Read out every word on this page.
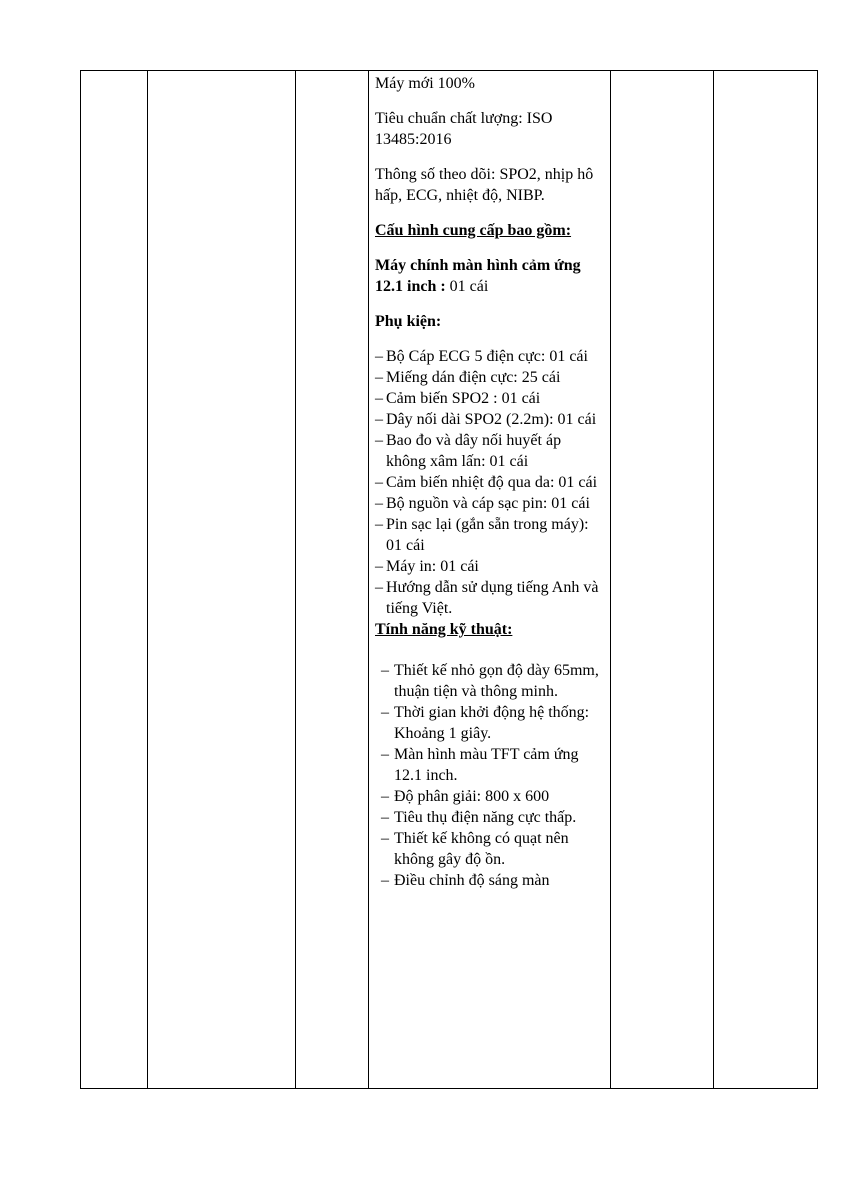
Máy mới 100%

Tiêu chuẩn chất lượng: ISO 13485:2016

Thông số theo dõi: SPO2, nhịp hô hấp, ECG, nhiệt độ, NIBP.

Cấu hình cung cấp bao gồm:

Máy chính màn hình cảm ứng 12.1 inch : 01 cái

Phụ kiện:

– Bộ Cáp ECG 5 điện cực: 01 cái
– Miếng dán điện cực: 25 cái
– Cảm biến SPO2 : 01 cái
– Dây nối dài SPO2 (2.2m): 01 cái
– Bao đo và dây nối huyết áp không xâm lấn: 01 cái
– Cảm biến nhiệt độ qua da: 01 cái
– Bộ nguồn và cáp sạc pin: 01 cái
– Pin sạc lại (gắn sẵn trong máy): 01 cái
– Máy in: 01 cái
– Hướng dẫn sử dụng tiếng Anh và tiếng Việt.
Tính năng kỹ thuật:
– Thiết kế nhỏ gọn độ dày 65mm, thuận tiện và thông minh.
– Thời gian khởi động hệ thống: Khoảng 1 giây.
– Màn hình màu TFT cảm ứng 12.1 inch.
– Độ phân giải: 800 x 600
– Tiêu thụ điện năng cực thấp.
– Thiết kế không có quạt nên không gây độ ồn.
– Điều chỉnh độ sáng màn
